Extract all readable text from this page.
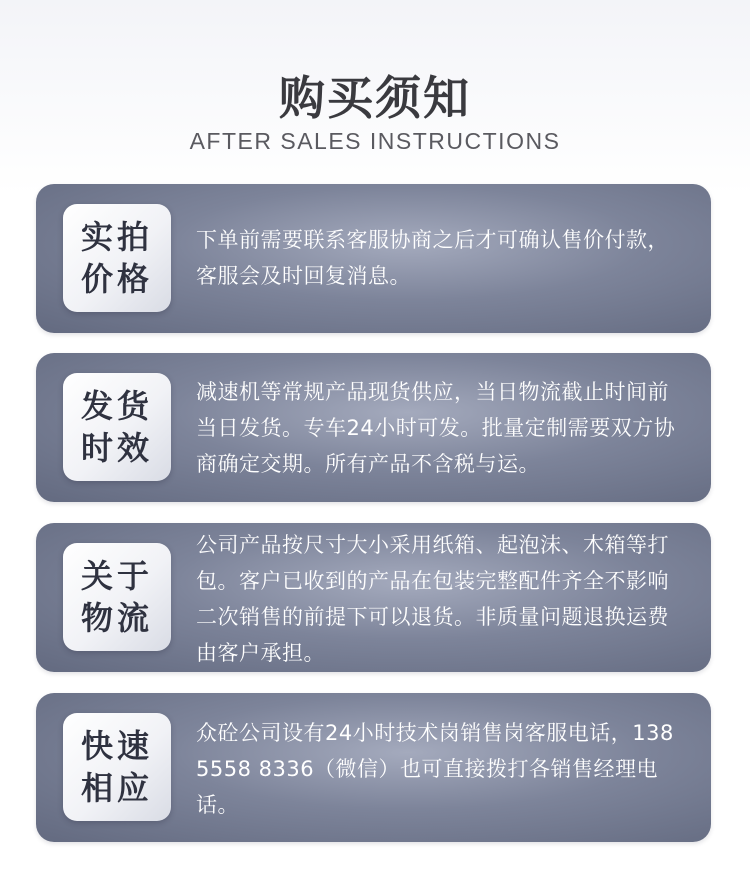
购买须知
AFTER SALES INSTRUCTIONS
实拍价格
下单前需要联系客服协商之后才可确认售价付款，客服会及时回复消息。
发货时效
减速机等常规产品现货供应，当日物流截止时间前当日发货。专车24小时可发。批量定制需要双方协商确定交期。所有产品不含税与运。
关于物流
公司产品按尺寸大小采用纸箱、起泡沫、木箱等打包。客户已收到的产品在包装完整配件齐全不影响二次销售的前提下可以退货。非质量问题退换运费由客户承担。
快速相应
众砼公司设有24小时技术岗销售岗客服电话，138 5558 8336（微信）也可直接拨打各销售经理电话。
